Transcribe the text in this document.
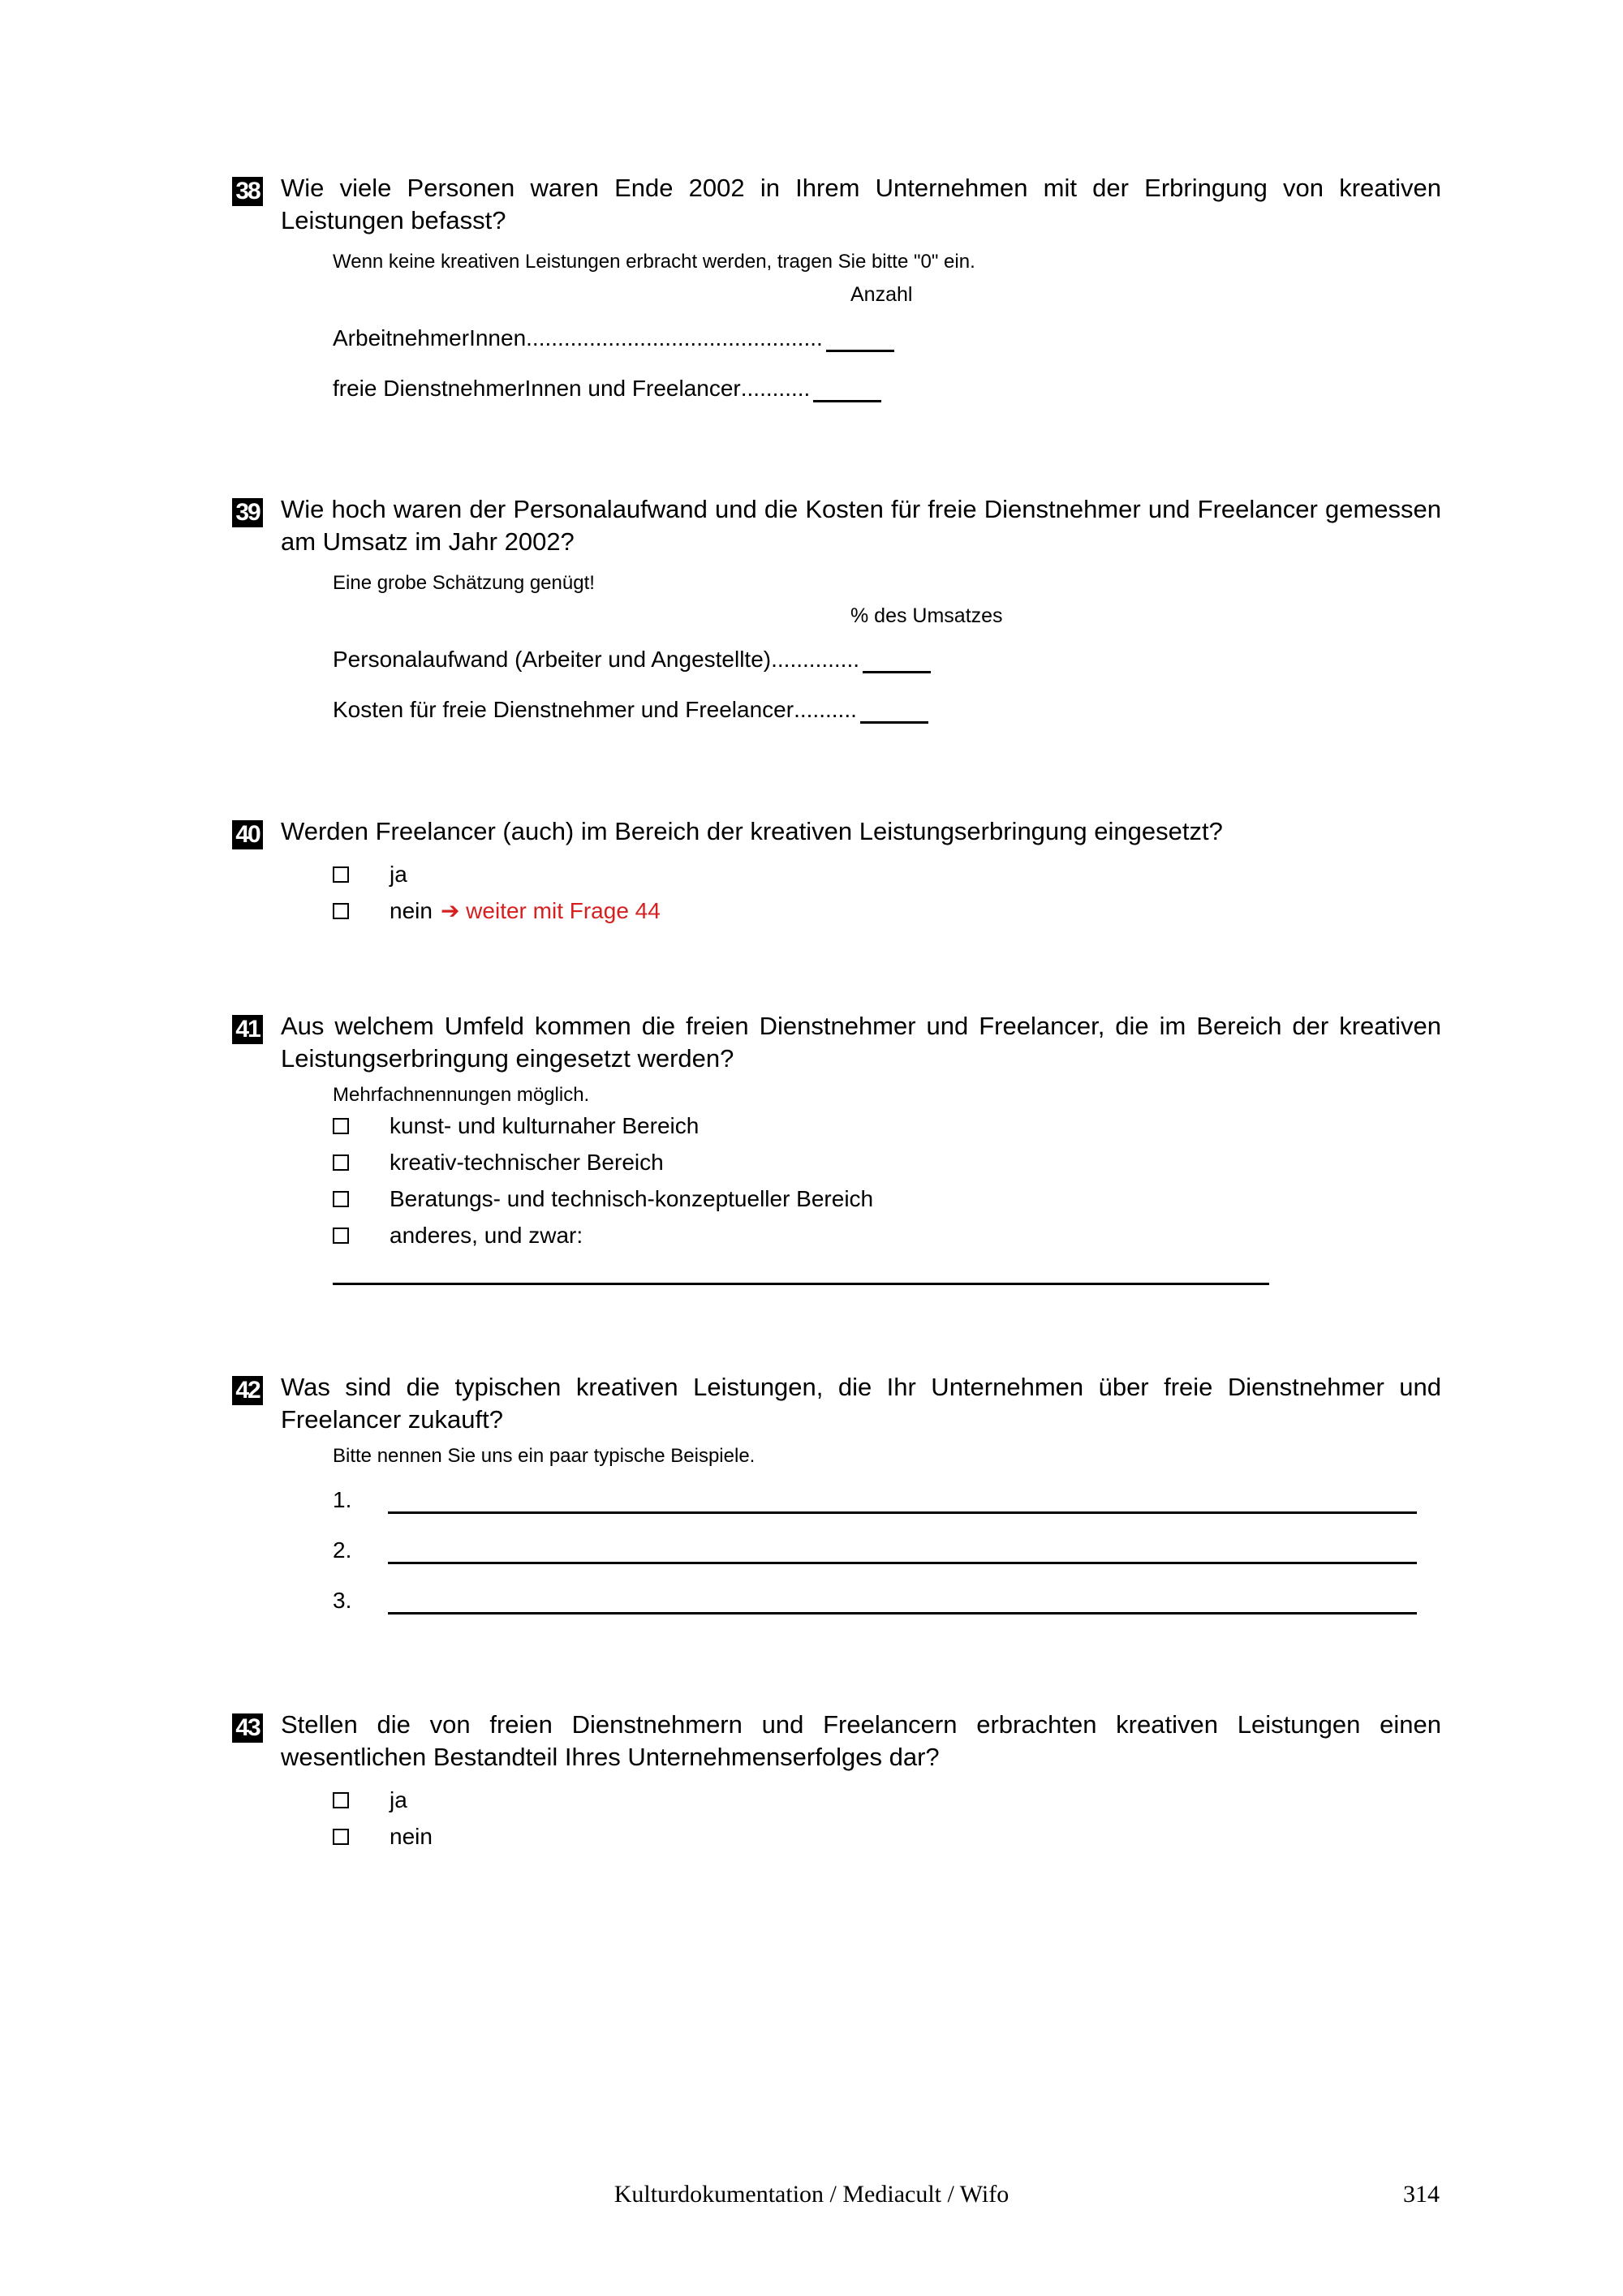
38 Wie viele Personen waren Ende 2002 in Ihrem Unternehmen mit der Erbringung von kreativen Leistungen befasst?
Wenn keine kreativen Leistungen erbracht werden, tragen Sie bitte "0" ein.
Anzahl
ArbeitnehmerInnen ...............................................
freie DienstnehmerInnen und Freelancer ...........
39 Wie hoch waren der Personalaufwand und die Kosten für freie Dienstnehmer und Freelancer gemessen am Umsatz im Jahr 2002?
Eine grobe Schätzung genügt!
% des Umsatzes
Personalaufwand (Arbeiter und Angestellte) ..............
Kosten für freie Dienstnehmer und Freelancer ..........
40 Werden Freelancer (auch) im Bereich der kreativen Leistungserbringung eingesetzt?
ja
nein ➔ weiter mit Frage 44
41 Aus welchem Umfeld kommen die freien Dienstnehmer und Freelancer, die im Bereich der kreativen Leistungserbringung eingesetzt werden?
Mehrfachnennungen möglich.
kunst- und kulturnaher Bereich
kreativ-technischer Bereich
Beratungs- und technisch-konzeptueller Bereich
anderes, und zwar:
42 Was sind die typischen kreativen Leistungen, die Ihr Unternehmen über freie Dienstnehmer und Freelancer zukauft?
Bitte nennen Sie uns ein paar typische Beispiele.
1.
2.
3.
43 Stellen die von freien Dienstnehmern und Freelancern erbrachten kreativen Leistungen einen wesentlichen Bestandteil Ihres Unternehmenserfolges dar?
ja
nein
Kulturdokumentation / Mediacult / Wifo	314
